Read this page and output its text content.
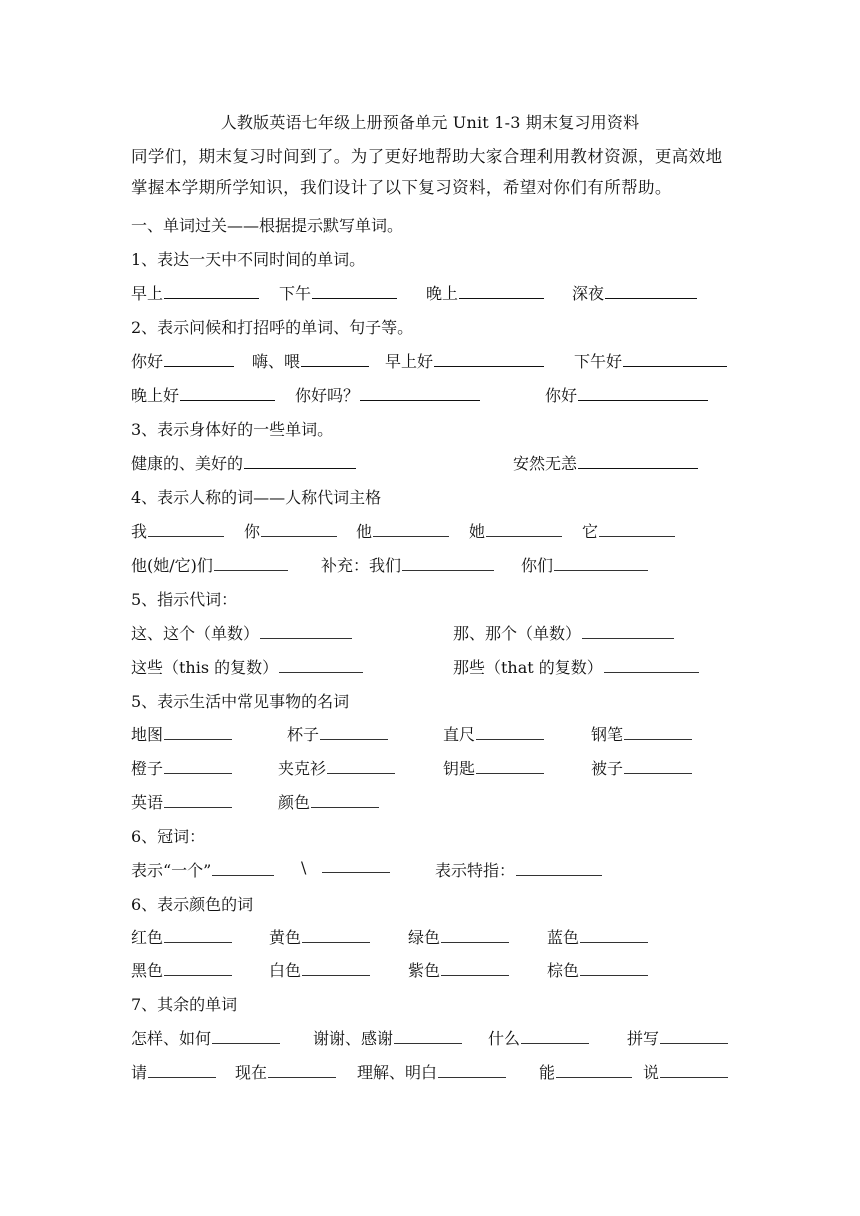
人教版英语七年级上册预备单元 Unit 1-3 期末复习用资料
同学们，期末复习时间到了。为了更好地帮助大家合理利用教材资源，更高效地掌握本学期所学知识，我们设计了以下复习资料，希望对你们有所帮助。
一、单词过关——根据提示默写单词。
1、表达一天中不同时间的单词。
早上	下午	晚上	深夜
2、表示问候和打招呼的单词、句子等。
你好	嗨、喂	早上好	下午好
晚上好	你好吗？	你好
3、表示身体好的一些单词。
健康的、美好的	安然无恙
4、表示人称的词——人称代词主格
我	你	他	她	它
他(她/它)们	补充：我们	你们
5、指示代词：
这、这个（单数）	那、那个（单数）
这些（this 的复数）	那些（that 的复数）
5、表示生活中常见事物的名词
地图	杯子	直尺	钢笔
橙子	夹克衫	钥匙	被子
英语	颜色
6、冠词：
表示“一个”	\	表示特指：
6、表示颜色的词
红色	黄色	绿色	蓝色
黑色	白色	紫色	棕色
7、其余的单词
怎样、如何	谢谢、感谢	什么	拼写
请	现在	理解、明白	能	说
